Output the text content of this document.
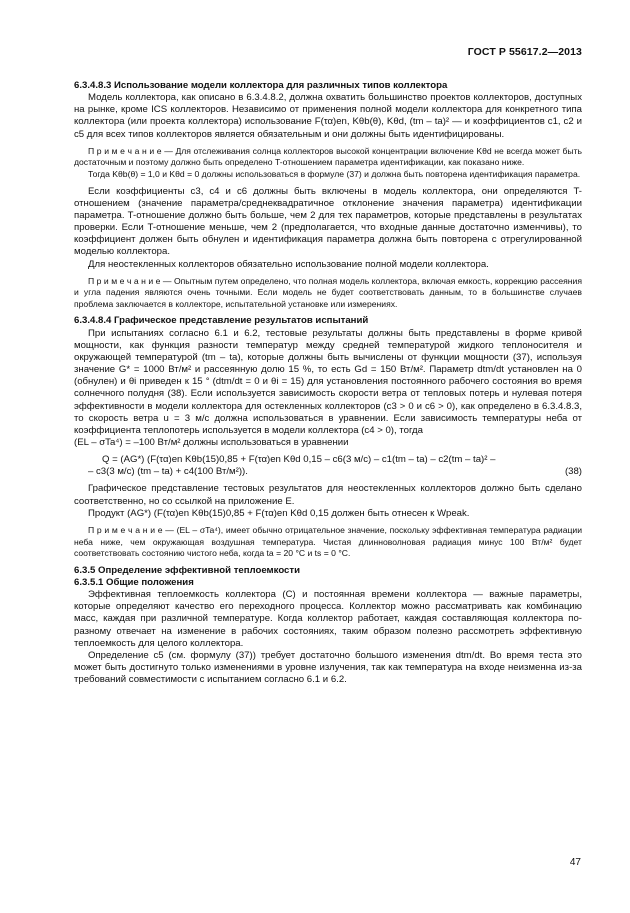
ГОСТ Р 55617.2—2013
6.3.4.8.3 Использование модели коллектора для различных типов коллектора

Модель коллектора, как описано в 6.3.4.8.2, должна охватить большинство проектов коллекторов, доступных на рынке, кроме ICS коллекторов. Независимо от применения полной модели коллектора для конкретного типа коллектора (или проекта коллектора) использование F(τα)en, Kθb(θ), Kθd, (tm – ta)² — и коэффициентов c1, c2 и c5 для всех типов коллекторов является обязательным и они должны быть идентифицированы.

П р и м е ч а н и е — Для отслеживания солнца коллекторов высокой концентрации включение Kθd не всегда может быть достаточным и поэтому должно быть определено T-отношением параметра идентификации, как показано ниже.

Тогда Kθb(θ) = 1,0 и Kθd = 0 должны использоваться в формуле (37) и должна быть повторена идентификация параметра.

Если коэффициенты c3, c4 и c6 должны быть включены в модель коллектора, они определяются T-отношением (значение параметра/среднеквадратичное отклонение значения параметра) идентификации параметра. T-отношение должно быть больше, чем 2 для тех параметров, которые представлены в результатах проверки. Если T-отношение меньше, чем 2 (предполагается, что входные данные достаточно изменчивы), то коэффициент должен быть обнулен и идентификация параметра должна быть повторена с отрегулированной моделью коллектора.

Для неостекленных коллекторов обязательно использование полной модели коллектора.

П р и м е ч а н и е — Опытным путем определено, что полная модель коллектора, включая емкость, коррекцию рассеяния и угла падения являются очень точными. Если модель не будет соответствовать данным, то в большинстве случаев проблема заключается в коллекторе, испытательной установке или измерениях.

6.3.4.8.4 Графическое представление результатов испытаний

При испытаниях согласно 6.1 и 6.2, тестовые результаты должны быть представлены в форме кривой мощности, как функция разности температур между средней температурой жидкого теплоносителя и окружающей температурой (tm – ta), которые должны быть вычислены от функции мощности (37), используя значение G* = 1000 Вт/м² и рассеянную долю 15 %, то есть Gd = 150 Вт/м². Параметр dtm/dt установлен на 0 (обнулен) и θi приведен к 15 ° (dtm/dt = 0 и θi = 15) для установления постоянного рабочего состояния во время солнечного полудня (38). Если используется зависимость скорости ветра от тепловых потерь и нулевая потеря эффективности в модели коллектора для остекленных коллекторов (c3 > 0 и c6 > 0), как определено в 6.3.4.8.3, то скорость ветра u = 3 м/с должна использоваться в уравнении. Если зависимость температуры неба от коэффициента теплопотерь используется в модели коллектора (c4 > 0), тогда

(EL – σTa⁴) = –100 Вт/м² должны использоваться в уравнении

Q = (AG*) (F(τα)en Kθb(15)0,85 + F(τα)en Kθd 0,15 – c6(3 м/с) – c1(tm – ta) – c2(tm – ta)² –

– c3(3 м/с) (tm – ta) + c4(100 Вт/м²)).	(38)

Графическое представление тестовых результатов для неостекленных коллекторов должно быть сделано соответственно, но со ссылкой на приложение Е.

Продукт (AG*) (F(τα)en Kθb(15)0,85 + F(τα)en Kθd 0,15 должен быть отнесен к Wpeak.

П р и м е ч а н и е — (EL – σTa⁴), имеет обычно отрицательное значение, поскольку эффективная температура радиации неба ниже, чем окружающая воздушная температура. Чистая длинноволновая радиация минус 100 Вт/м² будет соответствовать состоянию чистого неба, когда ta = 20 °С и ts = 0 °С.

6.3.5 Определение эффективной теплоемкости
6.3.5.1 Общие положения

Эффективная теплоемкость коллектора (C) и постоянная времени коллектора — важные параметры, которые определяют качество его переходного процесса. Коллектор можно рассматривать как комбинацию масс, каждая при различной температуре. Когда коллектор работает, каждая составляющая коллектора по-разному отвечает на изменение в рабочих состояниях, таким образом полезно рассмотреть эффективную теплоемкость для целого коллектора.

Определение c5 (см. формулу (37)) требует достаточно большого изменения dtm/dt. Во время теста это может быть достигнуто только изменениями в уровне излучения, так как температура на входе неизменна из-за требований совместимости с испытанием согласно 6.1 и 6.2.

47
